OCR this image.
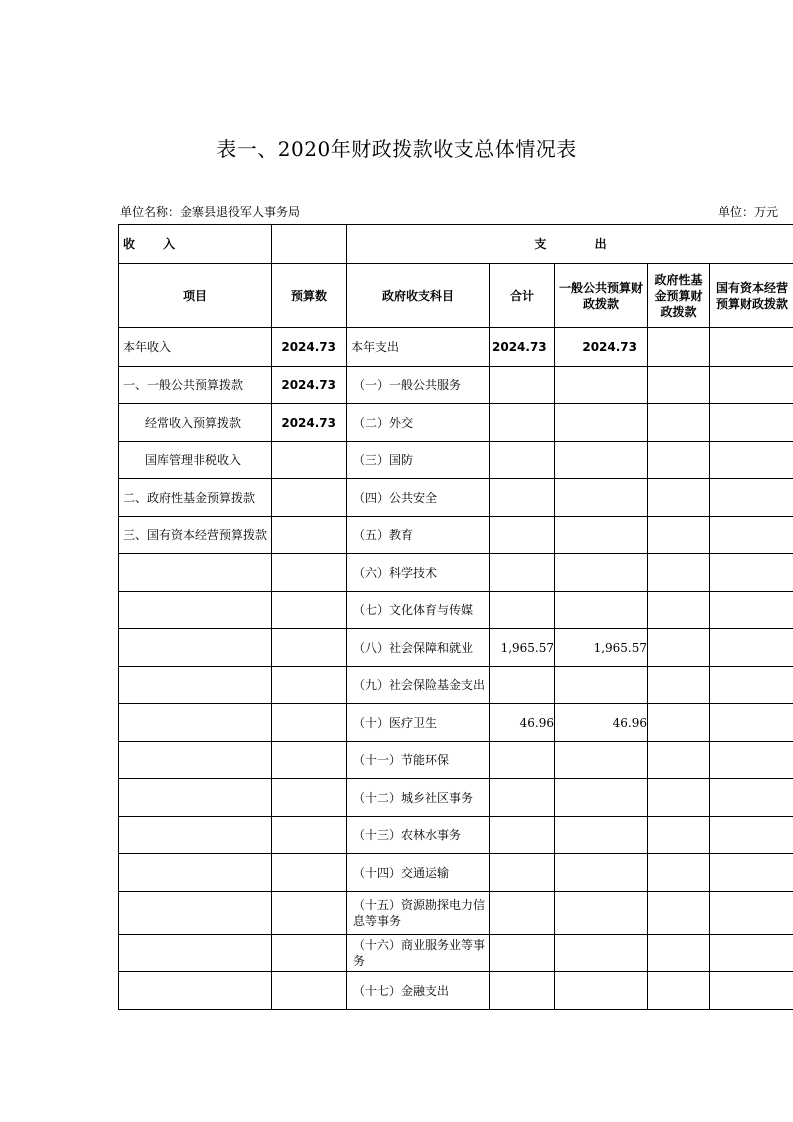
表一、2020年财政拨款收支总体情况表
单位名称：金寨县退役军人事务局	单位：万元
收 入		支 出				
项目	预算数	政府收支科目	合计	一般公共预算财政拨款	政府性基金预算财政拨款	国有资本经营预算财政拨款
本年收入	2024.73	本年支出	2024.73	2024.73		
一、一般公共预算拨款	2024.73	（一）一般公共服务				
经常收入预算拨款	2024.73	（二）外交				
国库管理非税收入		（三）国防				
二、政府性基金预算拨款		（四）公共安全				
三、国有资本经营预算拨款		（五）教育				
		（六）科学技术				
		（七）文化体育与传媒				
		（八）社会保障和就业	1,965.57	1,965.57		
		（九）社会保险基金支出				
		（十）医疗卫生	46.96	46.96		
		（十一）节能环保				
		（十二）城乡社区事务				
		（十三）农林水事务				
		（十四）交通运输				
		（十五）资源勘探电力信息等事务				
		（十六）商业服务业等事务				
		（十七）金融支出				
